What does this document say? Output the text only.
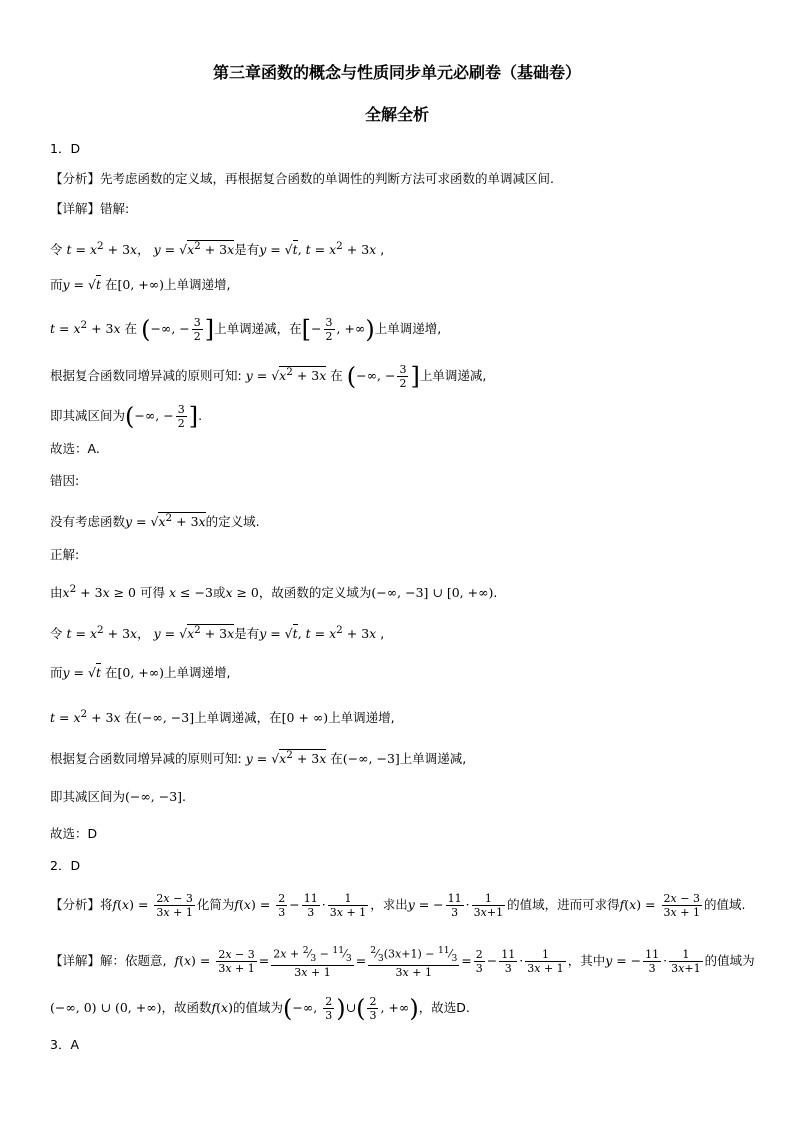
第三章函数的概念与性质同步单元必刷卷（基础卷）
全解全析
1．D
【分析】先考虑函数的定义域，再根据复合函数的单调性的判断方法可求函数的单调减区间.
【详解】错解:
令 $t = x^2 + 3x$， $y = √x^2 + 3x$是有y = √t, $t = x^2 + 3x$ ,
而y = √t 在[0, +∞)上单调递增,
$t = x^2 + 3x$ 在 (−∞, − $\frac{3}{2}$ ]上单调递减，在[− $\frac{3}{2}$ , +∞)上单调递增,
根据复合函数同增异减的原则可知: $y = √x^2 + 3x$ 在 (−∞, − $\frac{3}{2}$ ]上单调递减,
即其减区间为(−∞, − $\frac{3}{2}$ ].
故选：A.
错因:
没有考虑函数$y = √x^2 + 3x$的定义域.
正解:
由$x^2 + 3x \ge 0$ 可得 x ≤ −3或x ≥ 0，故函数的定义域为(−∞, −3] ∪ [0, +∞).
令 $t = x^2 + 3x$， $y = √x^2 + 3x$是有y = √t, $t = x^2 + 3x$ ,
而y = √t 在[0, +∞)上单调递增,
$t = x^2 + 3x$ 在(−∞, −3]上单调递减，在[0 + ∞)上单调递增,
根据复合函数同增异减的原则可知: $y = √x^2 + 3x$ 在(−∞, −3]上单调递减,
即其减区间为(−∞, −3].
故选：D
2．D
【分析】将$f(x) = \frac{2x - 3}{3x + 1}$ 化简为$f(x) = \frac{2}{3} - \frac{11}{3} \cdot \frac{1}{3x + 1}$ ，求出y = − $\frac{11}{3} \cdot \frac{1}{3x+1}$ 的值域，进而可求得$f(x) = \frac{2x - 3}{3x + 1}$ 的值域.
【详解】解：依题意, $f(x) = \frac{2x - 3}{3x + 1} = \frac{2x + ^2⁄_3 - ^{11}⁄_3}{3x + 1} = \frac{^2⁄_3(3x+1) - ^{11}⁄_3}{3x + 1} = \frac{2}{3} - \frac{11}{3} \cdot \frac{1}{3x + 1}$ ，其中y = − $\frac{11}{3} \cdot \frac{1}{3x+1}$ 的值域为
(−∞, 0) ∪ (0, +∞)，故函数f(x)的值域为(−∞, $\frac{2}{3}$ )∪( $\frac{2}{3}$ , +∞)，故选D.
3．A
